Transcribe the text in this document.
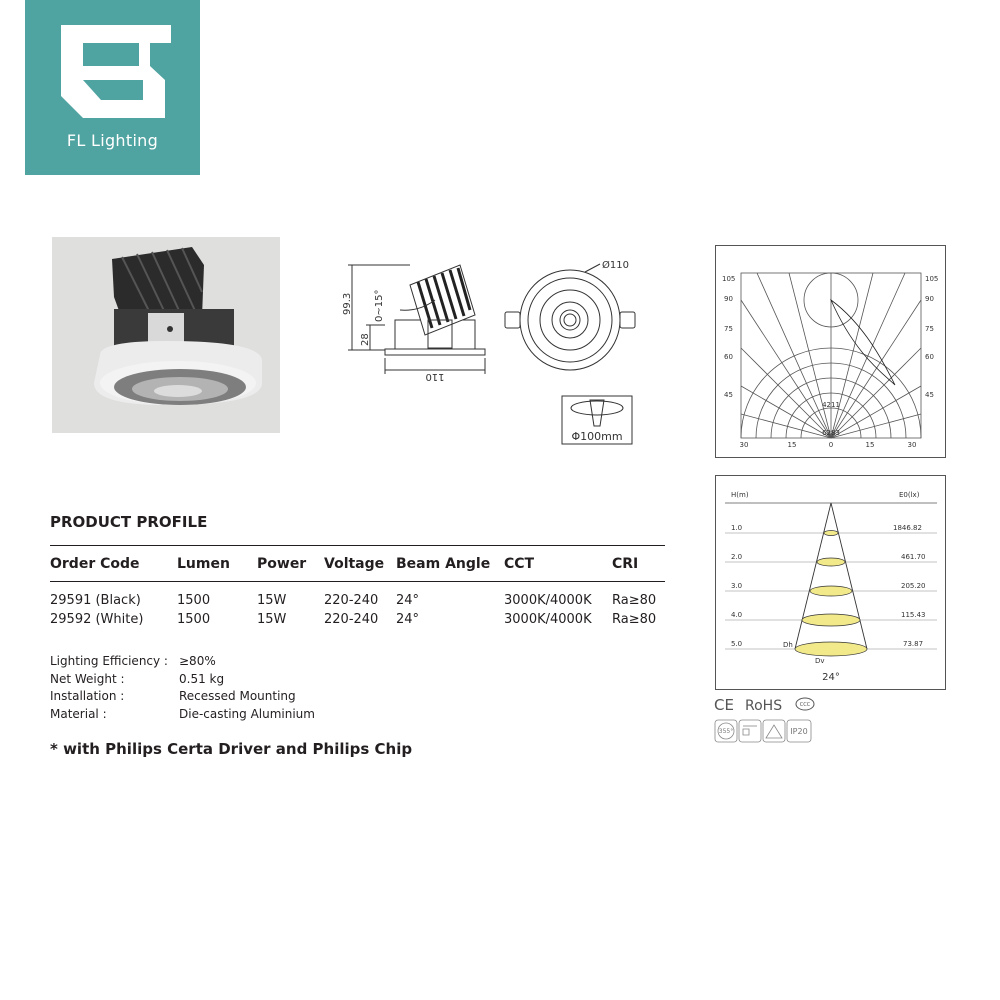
FL Lighting
99.3
28
0~15°
110
Ø110
Φ100mm
105
90
75
60
45
105
90
75
60
45
30	15	0	15	30
4211
6283
H(m)	E0(lx)
1.0
2.0
3.0
4.0
5.0
1846.82
461.70
205.20
115.43
73.87
Dh
Dv
24°
CE RoHS	CCC
355°	IP20
PRODUCT PROFILE
Order Code	Lumen	Power	Voltage	Beam Angle	CCT	CRI
29591 (Black)	1500	15W	220-240	24°	3000K/4000K	Ra≥80
29592 (White)	1500	15W	220-240	24°	3000K/4000K	Ra≥80
Lighting Efficiency : ≥80%
Net Weight :	0.51 kg
Installation :	Recessed Mounting
Material :	Die-casting Aluminium
* with Philips Certa Driver and Philips Chip
